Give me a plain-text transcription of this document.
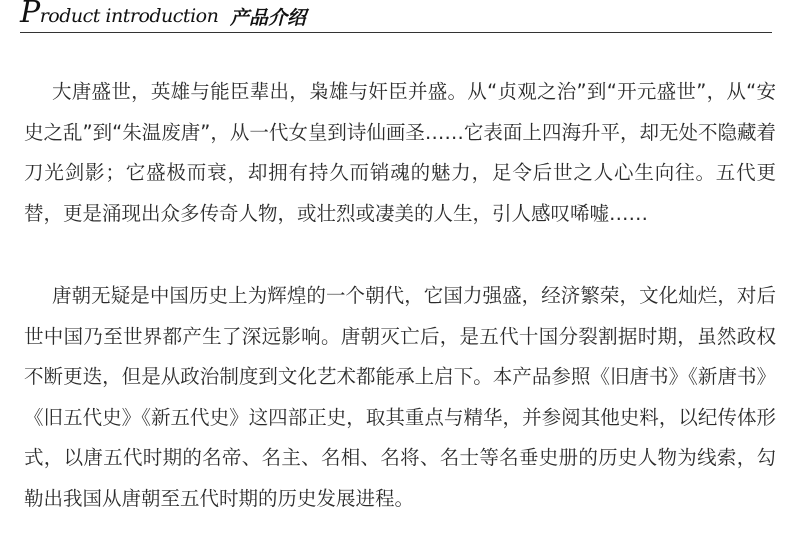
Product introduction 产品介绍

大唐盛世，英雄与能臣辈出，枭雄与奸臣并盛。从“贞观之治”到“开元盛世”，从“安史之乱”到“朱温废唐”，从一代女皇到诗仙画圣……它表面上四海升平，却无处不隐藏着刀光剑影；它盛极而衰，却拥有持久而销魂的魅力，足令后世之人心生向往。五代更替，更是涌现出众多传奇人物，或壮烈或凄美的人生，引人感叹唏嘘……

唐朝无疑是中国历史上为辉煌的一个朝代，它国力强盛，经济繁荣，文化灿烂，对后世中国乃至世界都产生了深远影响。唐朝灭亡后，是五代十国分裂割据时期，虽然政权不断更迭，但是从政治制度到文化艺术都能承上启下。本产品参照《旧唐书》《新唐书》《旧五代史》《新五代史》这四部正史，取其重点与精华，并参阅其他史料，以纪传体形式，以唐五代时期的名帝、名主、名相、名将、名士等名垂史册的历史人物为线索，勾勒出我国从唐朝至五代时期的历史发展进程。
